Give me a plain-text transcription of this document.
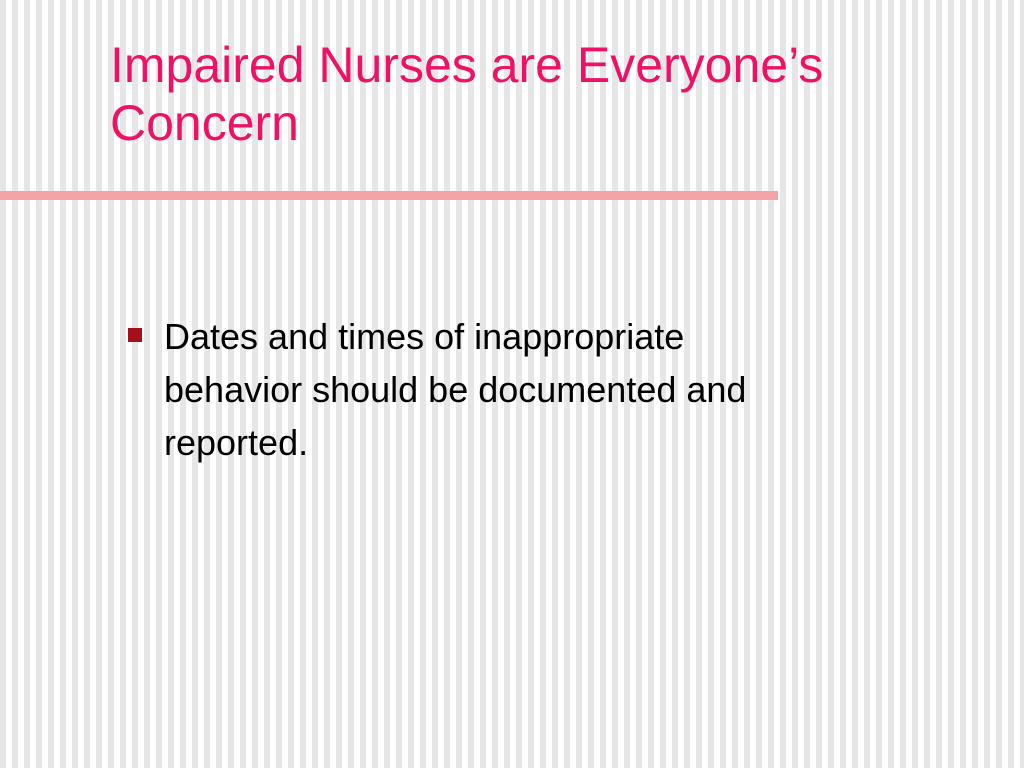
Impaired Nurses are Everyone’s
Concern
Dates and times of inappropriate
behavior should be documented and
reported.
